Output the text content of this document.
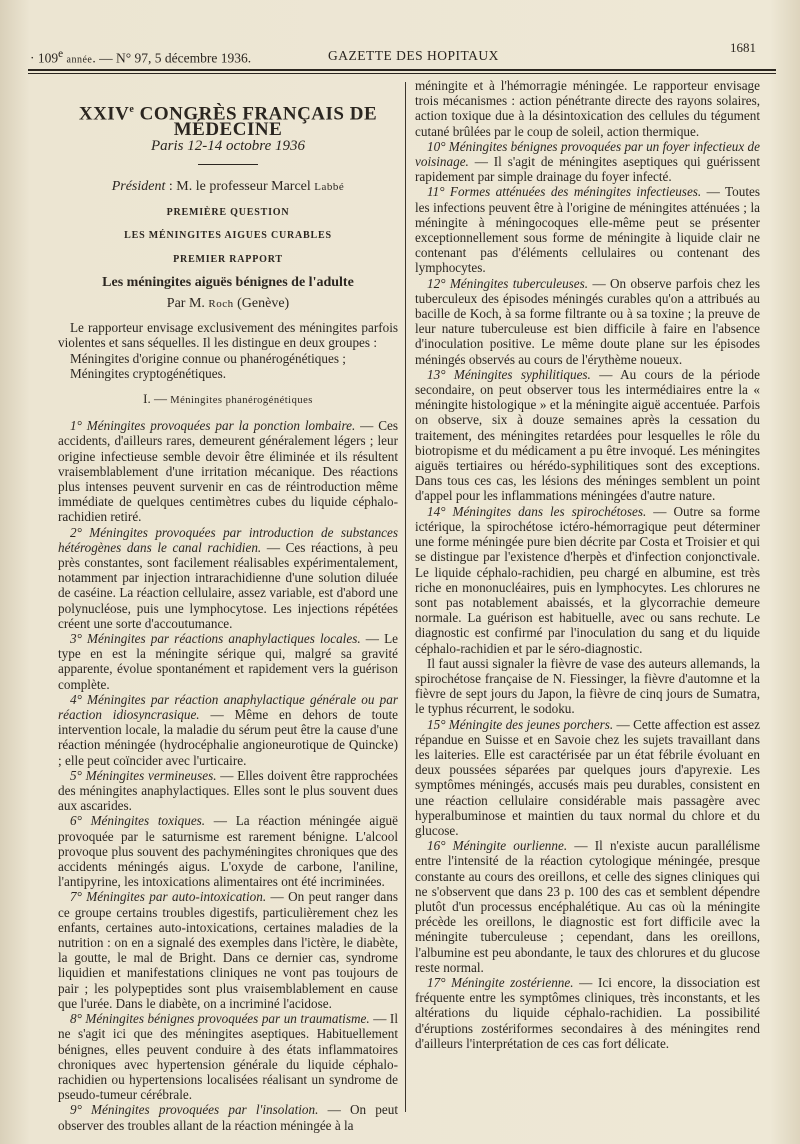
· $109^e$ année. — N° 97, 5 décembre 1936.	GAZETTE DES HOPITAUX
1681
XXIVe CONGRÈS FRANÇAIS DE MÉDECINE
Paris 12-14 octobre 1936
Président : M. le professeur Marcel Labbé
PREMIÈRE QUESTION
LES MÉNINGITES AIGUES CURABLES
PREMIER RAPPORT
Les méningites aiguës bénignes de l'adulte
Par M. Roch (Genève)

Le rapporteur envisage exclusivement des méningites parfois violentes et sans séquelles. Il les distingue en deux groupes :

Méningites d'origine connue ou phanérogénétiques ;

Méningites cryptogénétiques.

I. — Méningites phanérogénétiques

1° Méningites provoquées par la ponction lombaire. — Ces accidents, d'ailleurs rares, demeurent généralement légers ; leur origine infectieuse semble devoir être éliminée et ils résultent vraisemblablement d'une irritation mécanique. Des réactions plus intenses peuvent survenir en cas de réintroduction même immédiate de quelques centimètres cubes du liquide céphalo-rachidien retiré.

2° Méningites provoquées par introduction de substances hétérogènes dans le canal rachidien. — Ces réactions, à peu près constantes, sont facilement réalisables expérimentalement, notamment par injection intrarachidienne d'une solution diluée de caséine. La réaction cellulaire, assez variable, est d'abord une polynucléose, puis une lymphocytose. Les injections répétées créent une sorte d'accoutumance.

3° Méningites par réactions anaphylactiques locales. — Le type en est la méningite sérique qui, malgré sa gravité apparente, évolue spontanément et rapidement vers la guérison complète.

4° Méningites par réaction anaphylactique générale ou par réaction idiosyncrasique. — Même en dehors de toute intervention locale, la maladie du sérum peut être la cause d'une réaction méningée (hydrocéphalie angioneurotique de Quincke) ; elle peut coïncider avec l'urticaire.

5° Méningites vermineuses. — Elles doivent être rapprochées des méningites anaphylactiques. Elles sont le plus souvent dues aux ascarides.

6° Méningites toxiques. — La réaction méningée aiguë provoquée par le saturnisme est rarement bénigne. L'alcool provoque plus souvent des pachyméningites chroniques que des accidents méningés aigus. L'oxyde de carbone, l'aniline, l'antipyrine, les intoxications alimentaires ont été incriminées.

7° Méningites par auto-intoxication. — On peut ranger dans ce groupe certains troubles digestifs, particulièrement chez les enfants, certaines auto-intoxications, certaines maladies de la nutrition : on en a signalé des exemples dans l'ictère, le diabète, la goutte, le mal de Bright. Dans ce dernier cas, syndrome liquidien et manifestations cliniques ne vont pas toujours de pair ; les polypeptides sont plus vraisemblablement en cause que l'urée. Dans le diabète, on a incriminé l'acidose.

8° Méningites bénignes provoquées par un traumatisme. — Il ne s'agit ici que des méningites aseptiques. Habituellement bénignes, elles peuvent conduire à des états inflammatoires chroniques avec hypertension générale du liquide céphalo-rachidien ou hypertensions localisées réalisant un syndrome de pseudo-tumeur cérébrale.

9° Méningites provoquées par l'insolation. — On peut observer des troubles allant de la réaction méningée à la

méningite et à l'hémorragie méningée. Le rapporteur envisage trois mécanismes : action pénétrante directe des rayons solaires, action toxique due à la désintoxication des cellules du tégument cutané brûlées par le coup de soleil, action thermique.

10° Méningites bénignes provoquées par un foyer infectieux de voisinage. — Il s'agit de méningites aseptiques qui guérissent rapidement par simple drainage du foyer infecté.

11° Formes atténuées des méningites infectieuses. — Toutes les infections peuvent être à l'origine de méningites atténuées ; la méningite à méningocoques elle-même peut se présenter exceptionnellement sous forme de méningite à liquide clair ne contenant pas d'éléments cellulaires ou contenant des lymphocytes.

12° Méningites tuberculeuses. — On observe parfois chez les tuberculeux des épisodes méningés curables qu'on a attribués au bacille de Koch, à sa forme filtrante ou à sa toxine ; la preuve de leur nature tuberculeuse est bien difficile à faire en l'absence d'inoculation positive. Le même doute plane sur les épisodes méningés observés au cours de l'érythème noueux.

13° Méningites syphilitiques. — Au cours de la période secondaire, on peut observer tous les intermédiaires entre la « méningite histologique » et la méningite aiguë accentuée. Parfois on observe, six à douze semaines après la cessation du traitement, des méningites retardées pour lesquelles le rôle du biotropisme et du médicament a pu être invoqué. Les méningites aiguës tertiaires ou hérédo-syphilitiques sont des exceptions. Dans tous ces cas, les lésions des méninges semblent un point d'appel pour les inflammations méningées d'autre nature.

14° Méningites dans les spirochétoses. — Outre sa forme ictérique, la spirochétose ictéro-hémorragique peut déterminer une forme méningée pure bien décrite par Costa et Troisier et qui se distingue par l'existence d'herpès et d'infection conjonctivale. Le liquide céphalo-rachidien, peu chargé en albumine, est très riche en mononucléaires, puis en lymphocytes. Les chlorures ne sont pas notablement abaissés, et la glycorrachie demeure normale. La guérison est habituelle, avec ou sans rechute. Le diagnostic est confirmé par l'inoculation du sang et du liquide céphalo-rachidien et par le séro-diagnostic.

Il faut aussi signaler la fièvre de vase des auteurs allemands, la spirochétose française de N. Fiessinger, la fièvre d'automne et la fièvre de sept jours du Japon, la fièvre de cinq jours de Sumatra, le typhus récurrent, le sodoku.

15° Méningite des jeunes porchers. — Cette affection est assez répandue en Suisse et en Savoie chez les sujets travaillant dans les laiteries. Elle est caractérisée par un état fébrile évoluant en deux poussées séparées par quelques jours d'apyrexie. Les symptômes méningés, accusés mais peu durables, consistent en une réaction cellulaire considérable mais passagère avec hyperalbuminose et maintien du taux normal du chlore et du glucose.

16° Méningite ourlienne. — Il n'existe aucun parallélisme entre l'intensité de la réaction cytologique méningée, presque constante au cours des oreillons, et celle des signes cliniques qui ne s'observent que dans 23 p. 100 des cas et semblent dépendre plutôt d'un processus encéphalétique. Au cas où la méningite précède les oreillons, le diagnostic est fort difficile avec la méningite tuberculeuse ; cependant, dans les oreillons, l'albumine est peu abondante, le taux des chlorures et du glucose reste normal.

17° Méningite zostérienne. — Ici encore, la dissociation est fréquente entre les symptômes cliniques, très inconstants, et les altérations du liquide céphalo-rachidien. La possibilité d'éruptions zostériformes secondaires à des méningites rend d'ailleurs l'interprétation de ces cas fort délicate.
